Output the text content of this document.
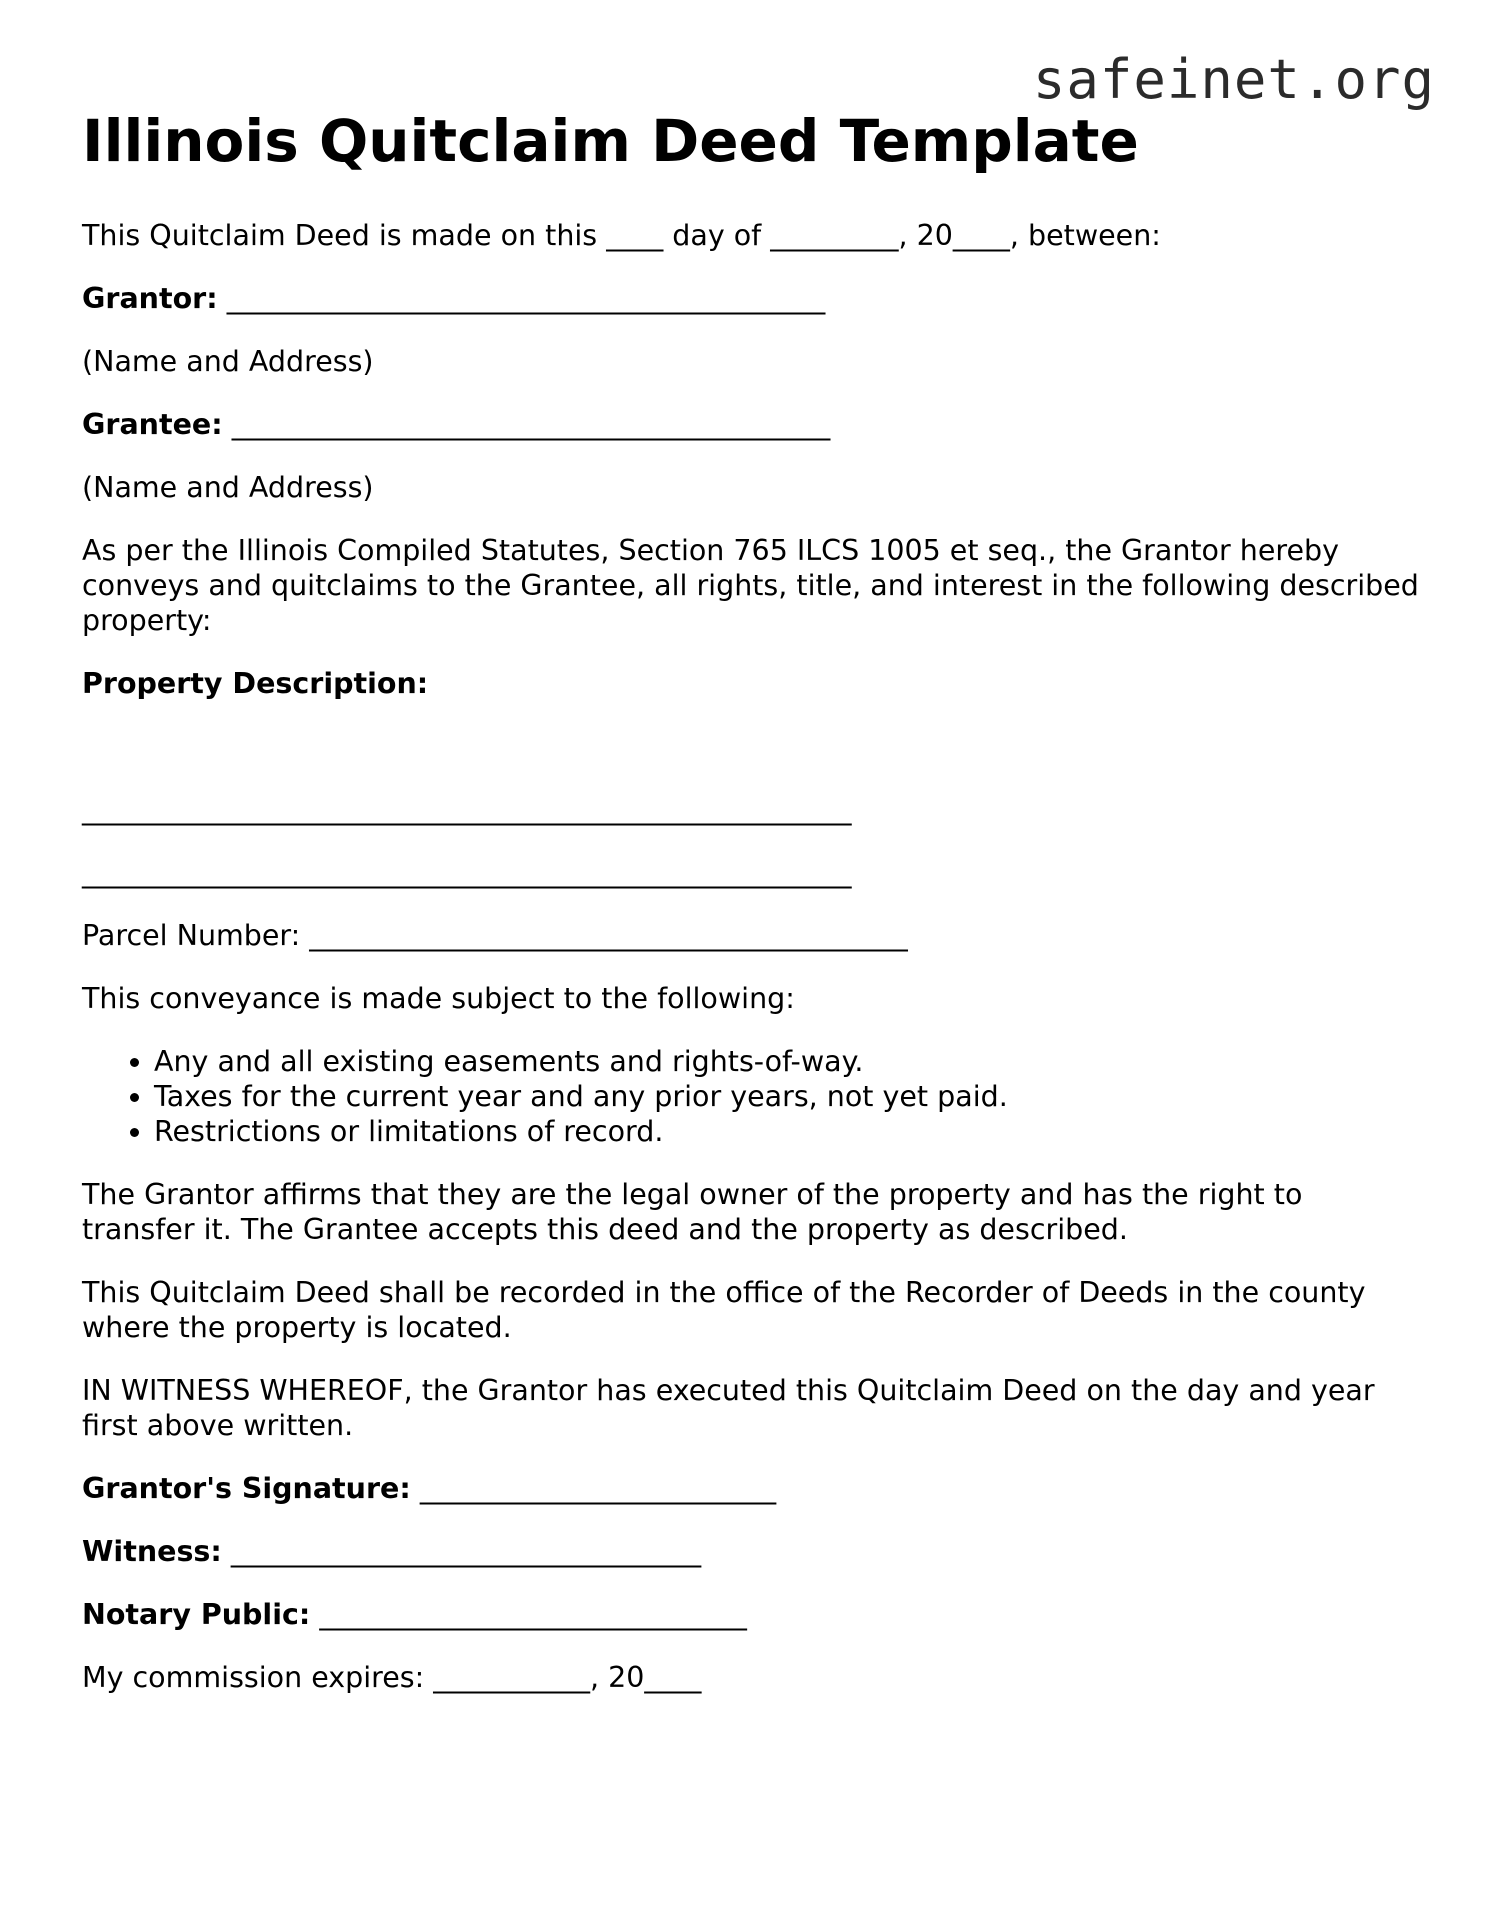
safeinet.org
Illinois Quitclaim Deed Template

This Quitclaim Deed is made on this ____ day of _________, 20____, between:

Grantor: __________________________________________

(Name and Address)

Grantee: __________________________________________

(Name and Address)

As per the Illinois Compiled Statutes, Section 765 ILCS 1005 et seq., the Grantor hereby conveys and quitclaims to the Grantee, all rights, title, and interest in the following described property:

Property Description:

______________________________________________________
______________________________________________________

Parcel Number: __________________________________________

This conveyance is made subject to the following:

• Any and all existing easements and rights-of-way.
• Taxes for the current year and any prior years, not yet paid.
• Restrictions or limitations of record.

The Grantor affirms that they are the legal owner of the property and has the right to transfer it. The Grantee accepts this deed and the property as described.

This Quitclaim Deed shall be recorded in the office of the Recorder of Deeds in the county where the property is located.

IN WITNESS WHEREOF, the Grantor has executed this Quitclaim Deed on the day and year first above written.

Grantor's Signature: _________________________

Witness: _________________________________

Notary Public: ______________________________

My commission expires: ___________, 20____
